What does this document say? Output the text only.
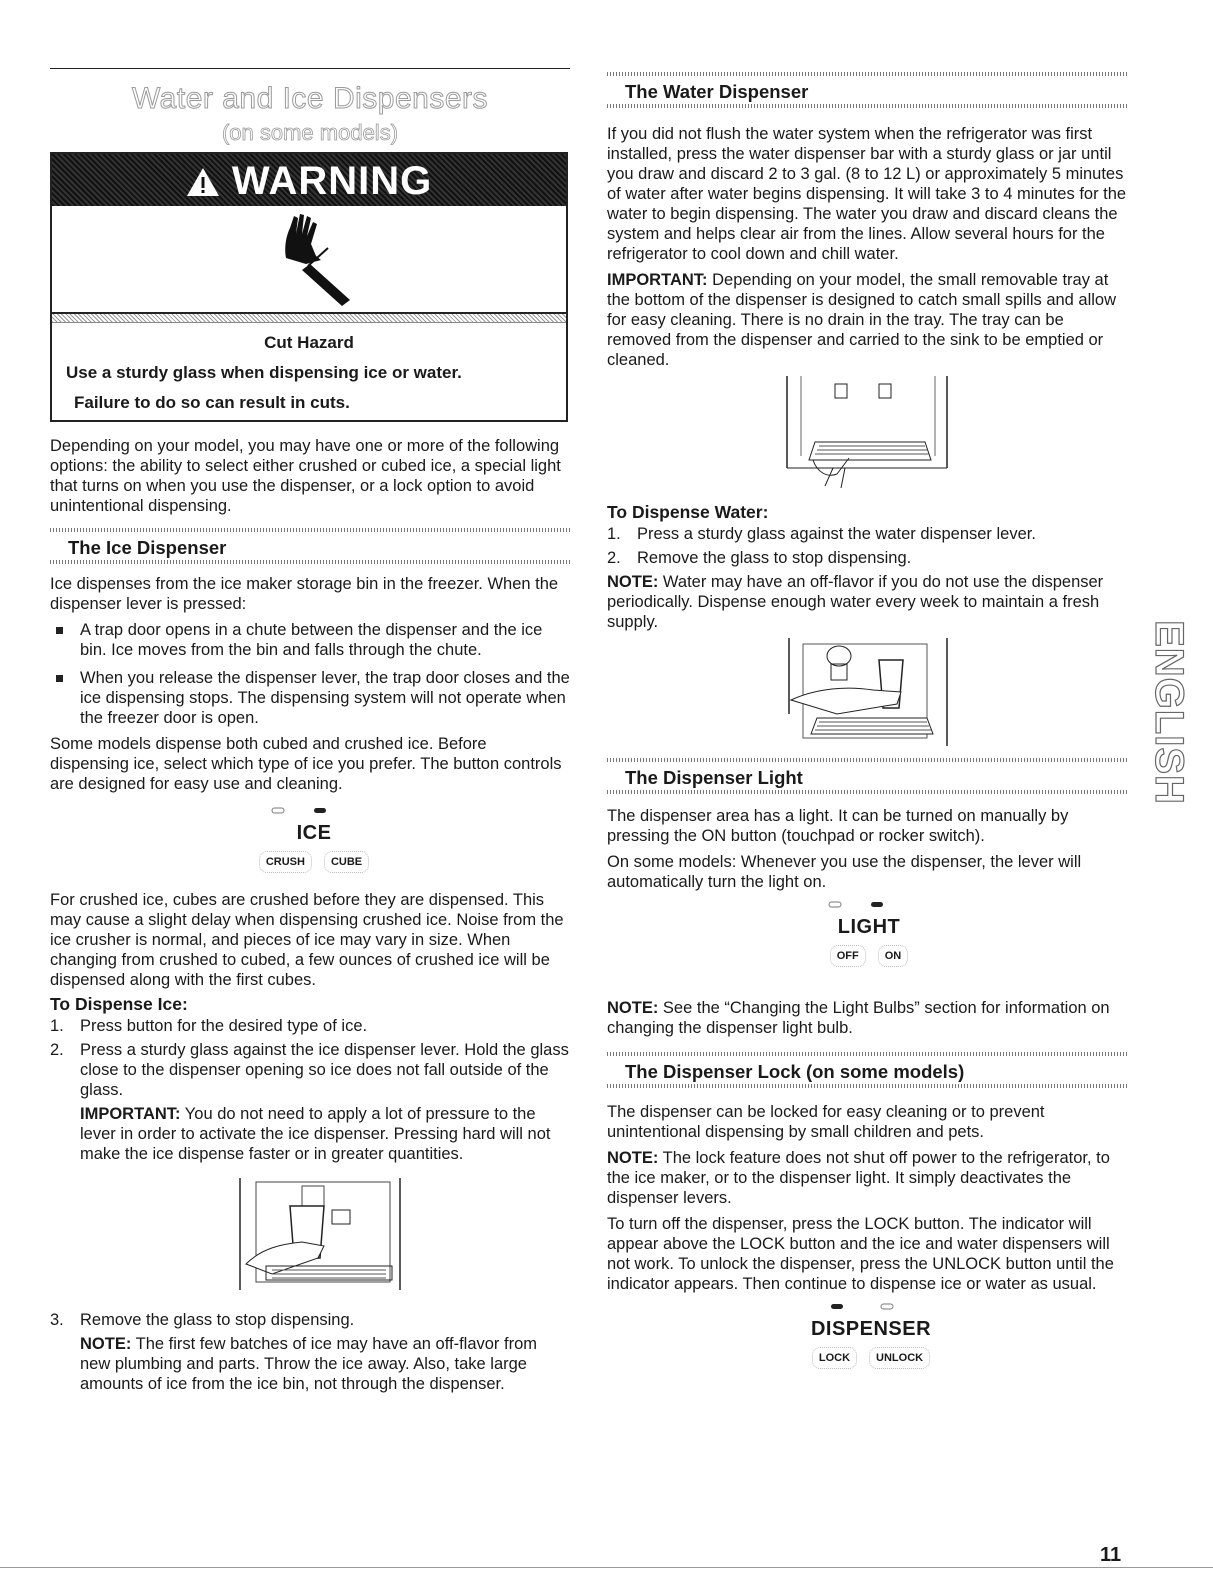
Water and Ice Dispensers
(on some models)
WARNING

Cut Hazard

Use a sturdy glass when dispensing ice or water.

Failure to do so can result in cuts.

Depending on your model, you may have one or more of the following options: the ability to select either crushed or cubed ice, a special light that turns on when you use the dispenser, or a lock option to avoid unintentional dispensing.

The Ice Dispenser

Ice dispenses from the ice maker storage bin in the freezer. When the dispenser lever is pressed:

A trap door opens in a chute between the dispenser and the ice bin. Ice moves from the bin and falls through the chute.

When you release the dispenser lever, the trap door closes and the ice dispensing stops. The dispensing system will not operate when the freezer door is open.

Some models dispense both cubed and crushed ice. Before dispensing ice, select which type of ice you prefer. The button controls are designed for easy use and cleaning.

ICE
CRUSH CUBE

For crushed ice, cubes are crushed before they are dispensed. This may cause a slight delay when dispensing crushed ice. Noise from the ice crusher is normal, and pieces of ice may vary in size. When changing from crushed to cubed, a few ounces of crushed ice will be dispensed along with the first cubes.

To Dispense Ice:

1. Press button for the desired type of ice.

2. Press a sturdy glass against the ice dispenser lever. Hold the glass close to the dispenser opening so ice does not fall outside of the glass.

IMPORTANT: You do not need to apply a lot of pressure to the lever in order to activate the ice dispenser. Pressing hard will not make the ice dispense faster or in greater quantities.

3. Remove the glass to stop dispensing.

NOTE: The first few batches of ice may have an off-flavor from new plumbing and parts. Throw the ice away. Also, take large amounts of ice from the ice bin, not through the dispenser.

The Water Dispenser

If you did not flush the water system when the refrigerator was first installed, press the water dispenser bar with a sturdy glass or jar until you draw and discard 2 to 3 gal. (8 to 12 L) or approximately 5 minutes of water after water begins dispensing. It will take 3 to 4 minutes for the water to begin dispensing. The water you draw and discard cleans the system and helps clear air from the lines. Allow several hours for the refrigerator to cool down and chill water.

IMPORTANT: Depending on your model, the small removable tray at the bottom of the dispenser is designed to catch small spills and allow for easy cleaning. There is no drain in the tray. The tray can be removed from the dispenser and carried to the sink to be emptied or cleaned.

To Dispense Water:

1. Press a sturdy glass against the water dispenser lever.

2. Remove the glass to stop dispensing.

NOTE: Water may have an off-flavor if you do not use the dispenser periodically. Dispense enough water every week to maintain a fresh supply.

The Dispenser Light

The dispenser area has a light. It can be turned on manually by pressing the ON button (touchpad or rocker switch).

On some models: Whenever you use the dispenser, the lever will automatically turn the light on.

LIGHT
OFF ON

NOTE: See the “Changing the Light Bulbs” section for information on changing the dispenser light bulb.

The Dispenser Lock (on some models)

The dispenser can be locked for easy cleaning or to prevent unintentional dispensing by small children and pets.

NOTE: The lock feature does not shut off power to the refrigerator, to the ice maker, or to the dispenser light. It simply deactivates the dispenser levers.

To turn off the dispenser, press the LOCK button. The indicator will appear above the LOCK button and the ice and water dispensers will not work. To unlock the dispenser, press the UNLOCK button until the indicator appears. Then continue to dispense ice or water as usual.

DISPENSER
LOCK UNLOCK
ENGLISH
11
